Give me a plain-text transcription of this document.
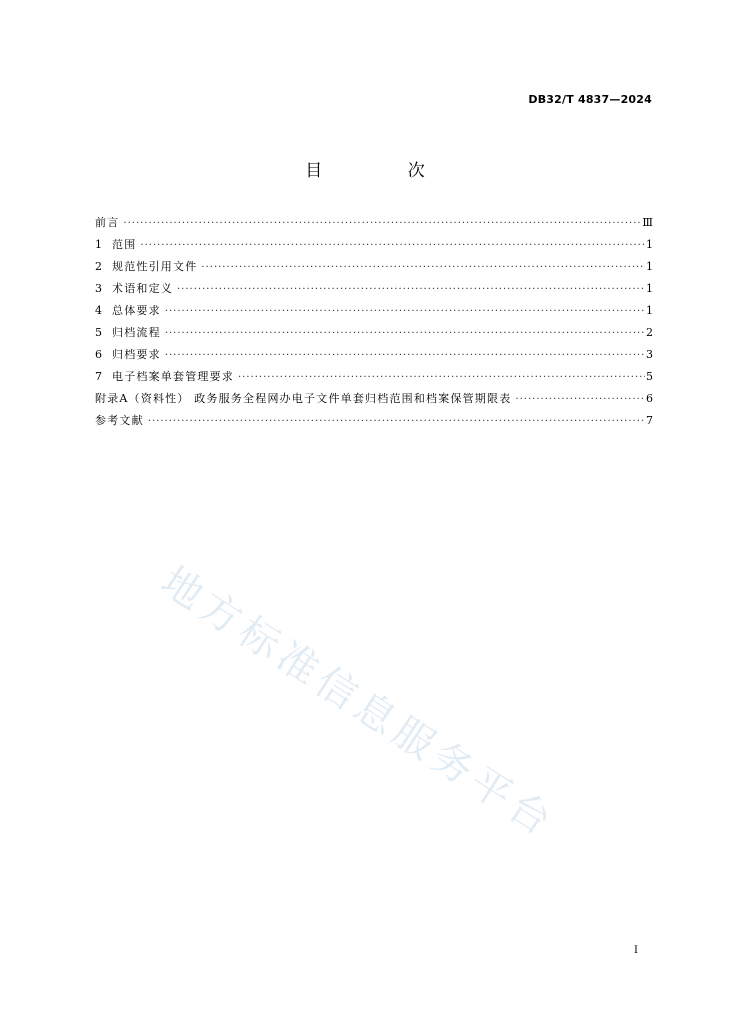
DB32/T 4837—2024
目 次
前言 ·····	Ⅲ
1 范围 ·····	1
2 规范性引用文件 ·····	1
3 术语和定义 ·····	1
4 总体要求 ·····	1
5 归档流程 ·····	2
6 归档要求 ·····	3
7 电子档案单套管理要求 ·····	5
附录A（资料性） 政务服务全程网办电子文件单套归档范围和档案保管期限表 ·····	6
参考文献 ·····	7
地方标准信息服务平台
I
